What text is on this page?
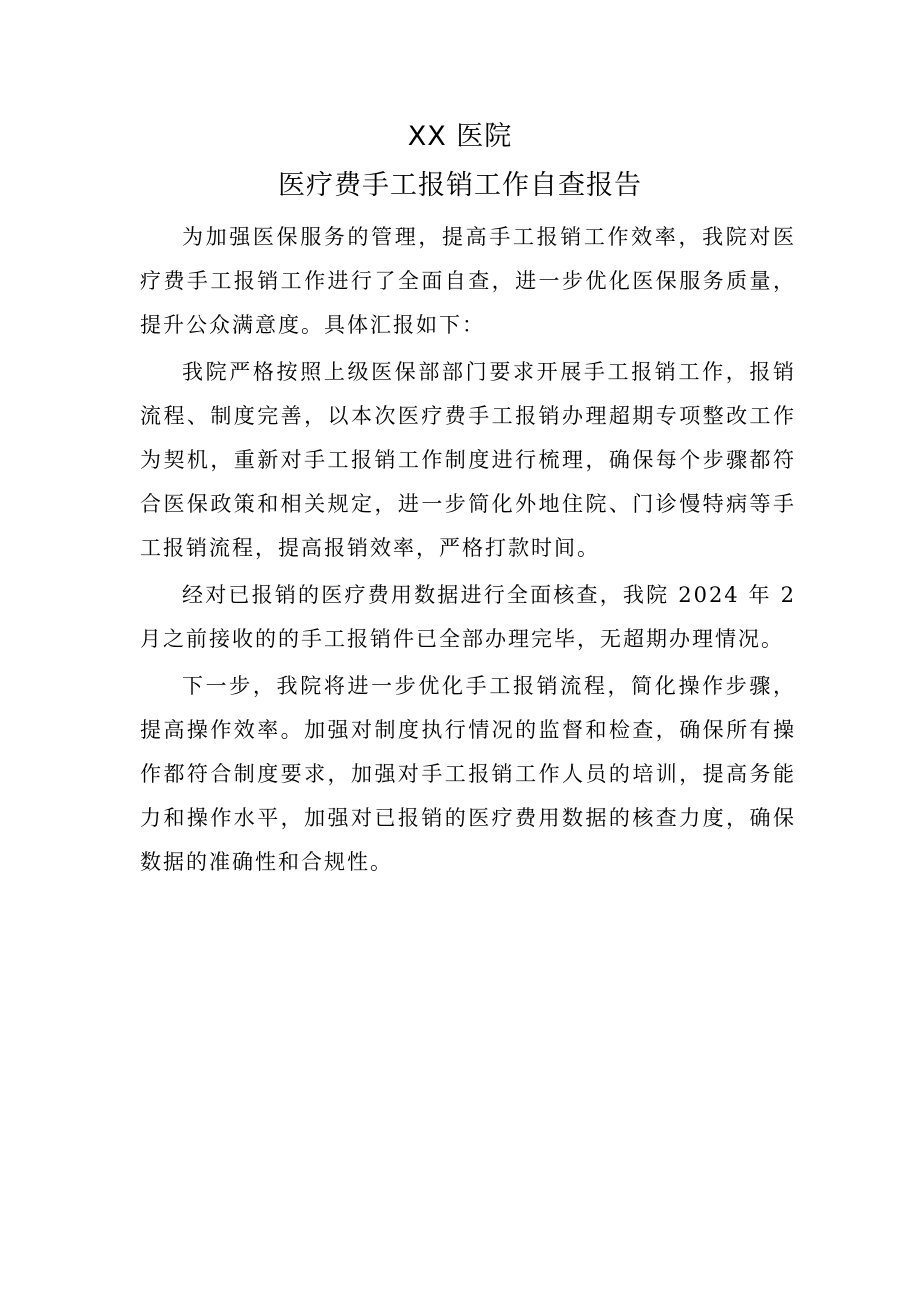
XX 医院
医疗费手工报销工作自查报告

为加强医保服务的管理，提高手工报销工作效率，我院对医疗费手工报销工作进行了全面自查，进一步优化医保服务质量，提升公众满意度。具体汇报如下：

我院严格按照上级医保部部门要求开展手工报销工作，报销流程、制度完善，以本次医疗费手工报销办理超期专项整改工作为契机，重新对手工报销工作制度进行梳理，确保每个步骤都符合医保政策和相关规定，进一步简化外地住院、门诊慢特病等手工报销流程，提高报销效率，严格打款时间。

经对已报销的医疗费用数据进行全面核查，我院 2024 年 2 月之前接收的的手工报销件已全部办理完毕，无超期办理情况。

下一步，我院将进一步优化手工报销流程，简化操作步骤，提高操作效率。加强对制度执行情况的监督和检查，确保所有操作都符合制度要求，加强对手工报销工作人员的培训，提高务能力和操作水平，加强对已报销的医疗费用数据的核查力度，确保数据的准确性和合规性。
